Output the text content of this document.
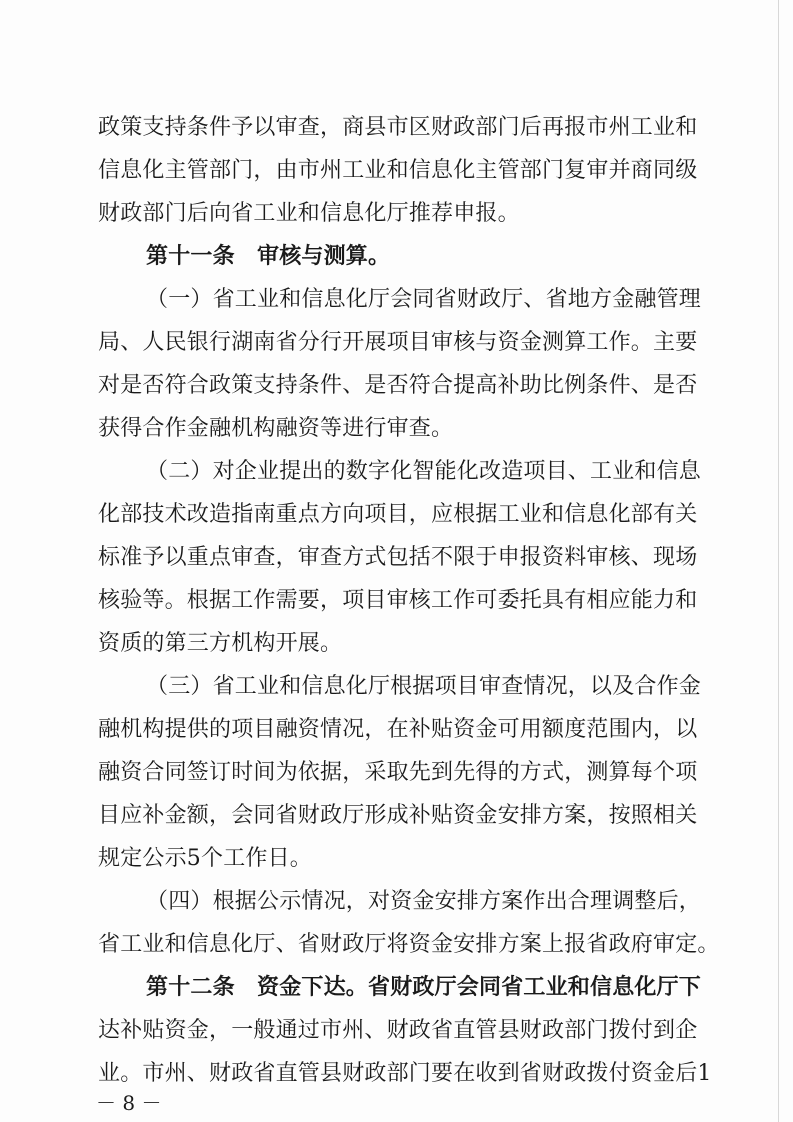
政策支持条件予以审查，商县市区财政部门后再报市州工业和
信息化主管部门，由市州工业和信息化主管部门复审并商同级
财政部门后向省工业和信息化厅推荐申报。
第十一条　审核与测算。
（一）省工业和信息化厅会同省财政厅、省地方金融管理
局、人民银行湖南省分行开展项目审核与资金测算工作。主要
对是否符合政策支持条件、是否符合提高补助比例条件、是否
获得合作金融机构融资等进行审查。
（二）对企业提出的数字化智能化改造项目、工业和信息
化部技术改造指南重点方向项目，应根据工业和信息化部有关
标准予以重点审查，审查方式包括不限于申报资料审核、现场
核验等。根据工作需要，项目审核工作可委托具有相应能力和
资质的第三方机构开展。
（三）省工业和信息化厅根据项目审查情况，以及合作金
融机构提供的项目融资情况，在补贴资金可用额度范围内，以
融资合同签订时间为依据，采取先到先得的方式，测算每个项
目应补金额，会同省财政厅形成补贴资金安排方案，按照相关
规定公示5个工作日。
（四）根据公示情况，对资金安排方案作出合理调整后，
省工业和信息化厅、省财政厅将资金安排方案上报省政府审定。
第十二条　资金下达。省财政厅会同省工业和信息化厅下
达补贴资金，一般通过市州、财政省直管县财政部门拨付到企
业。市州、财政省直管县财政部门要在收到省财政拨付资金后1
－ 8 －
